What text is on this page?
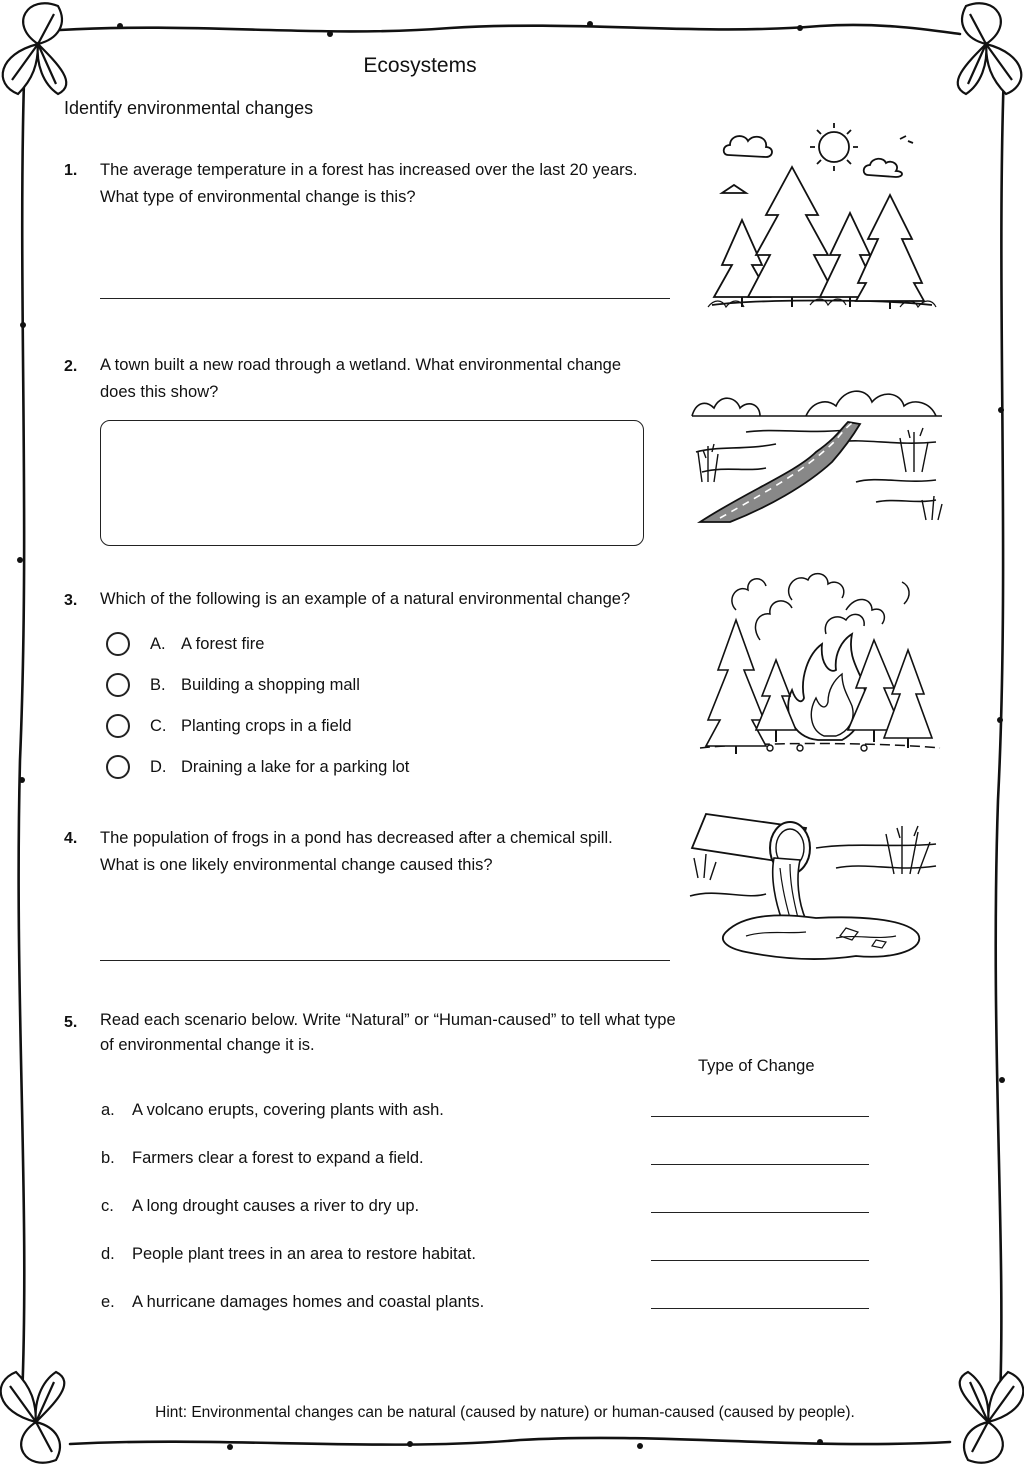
Ecosystems
Identify environmental changes
1. The average temperature in a forest has increased over the last 20 years.
What type of environmental change is this?
2. A town built a new road through a wetland. What environmental change
does this show?
3. Which of the following is an example of a natural environmental change?
A. A forest fire
B. Building a shopping mall
C. Planting crops in a field
D. Draining a lake for a parking lot
4. The population of frogs in a pond has decreased after a chemical spill.
What is one likely environmental change caused this?
5. Read each scenario below. Write “Natural” or “Human-caused” to tell what type
of environmental change it is.
Type of Change
a. A volcano erupts, covering plants with ash.
b. Farmers clear a forest to expand a field.
c. A long drought causes a river to dry up.
d. People plant trees in an area to restore habitat.
e. A hurricane damages homes and coastal plants.
Hint: Environmental changes can be natural (caused by nature) or human-caused (caused by people).
